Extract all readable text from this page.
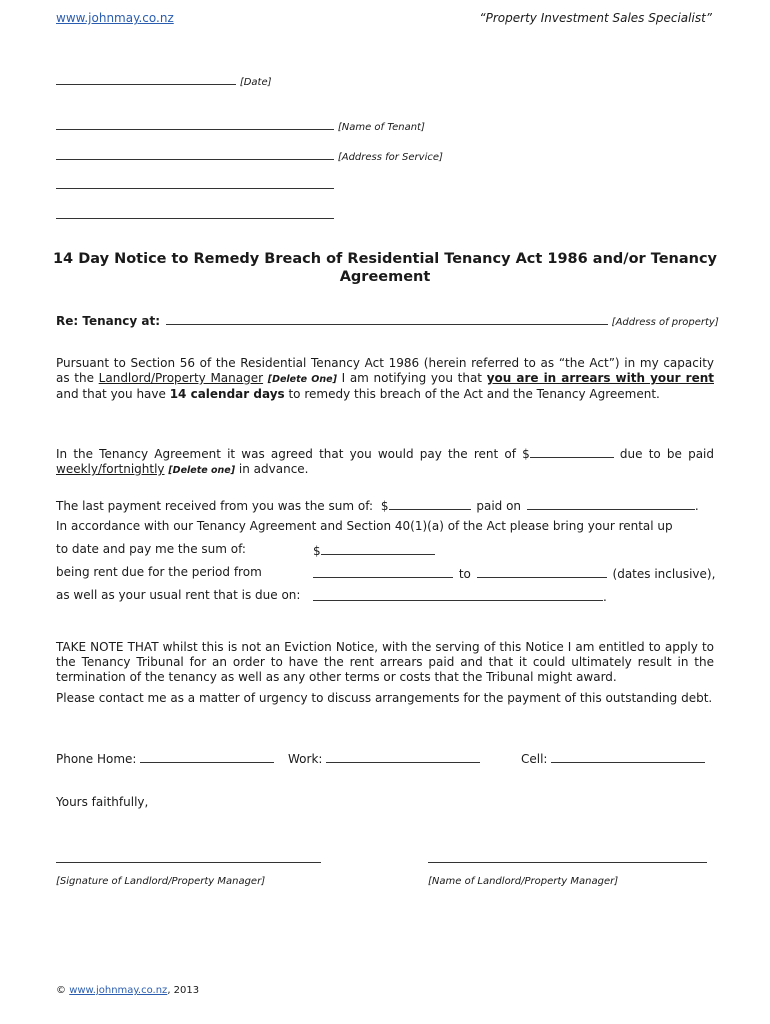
www.johnmay.co.nz	“Property Investment Sales Specialist”
[Date]
[Name of Tenant]
[Address for Service]
14 Day Notice to Remedy Breach of Residential Tenancy Act 1986 and/or Tenancy Agreement
Re: Tenancy at:	[Address of property]
Pursuant to Section 56 of the Residential Tenancy Act 1986 (herein referred to as “the Act”) in my capacity as the Landlord/Property Manager [Delete One] I am notifying you that you are in arrears with your rent and that you have 14 calendar days to remedy this breach of the Act and the Tenancy Agreement.
In the Tenancy Agreement it was agreed that you would pay the rent of $	due to be paid weekly/fortnightly [Delete one] in advance.
The last payment received from you was the sum of: $	paid on	.
In accordance with our Tenancy Agreement and Section 40(1)(a) of the Act please bring your rental up
to date and pay me the sum of:	$
being rent due for the period from	to	(dates inclusive),
as well as your usual rent that is due on:	.
TAKE NOTE THAT whilst this is not an Eviction Notice, with the serving of this Notice I am entitled to apply to the Tenancy Tribunal for an order to have the rent arrears paid and that it could ultimately result in the termination of the tenancy as well as any other terms or costs that the Tribunal might award.
Please contact me as a matter of urgency to discuss arrangements for the payment of this outstanding debt.
Phone Home:	Work:	Cell:
Yours faithfully,
[Signature of Landlord/Property Manager]	[Name of Landlord/Property Manager]
© www.johnmay.co.nz, 2013
